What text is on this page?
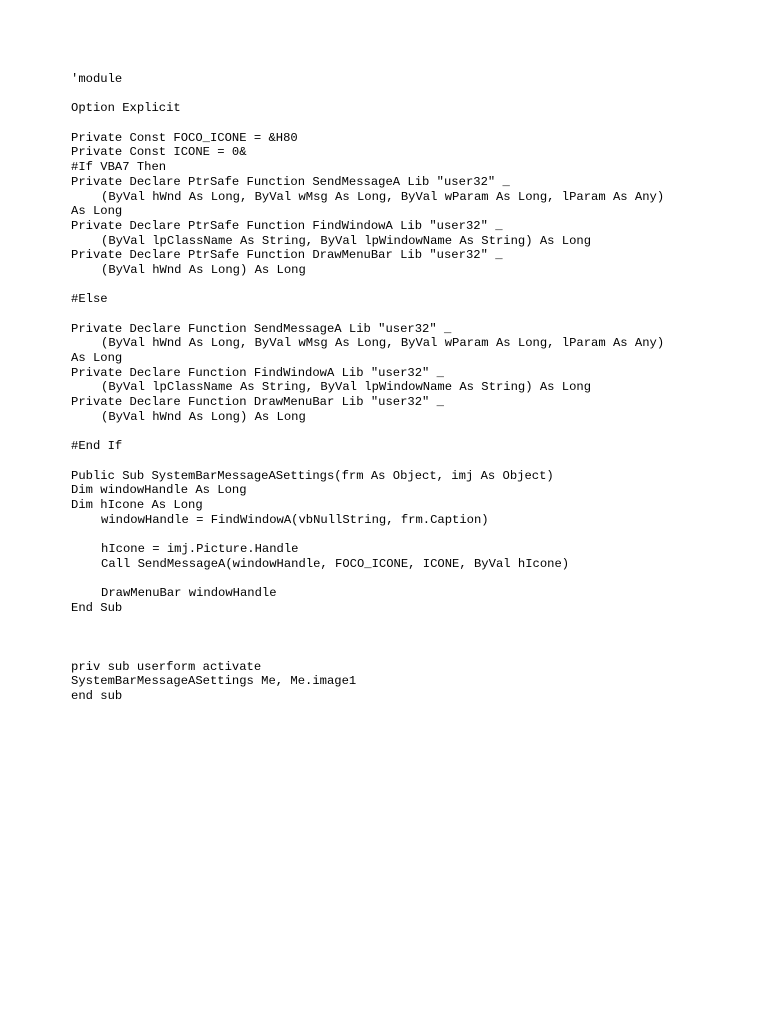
'module
Option Explicit
Private Const FOCO_ICONE = &H80
Private Const ICONE = 0&
#If VBA7 Then
Private Declare PtrSafe Function SendMessageA Lib "user32" _
(ByVal hWnd As Long, ByVal wMsg As Long, ByVal wParam As Long, lParam As Any)
As Long
Private Declare PtrSafe Function FindWindowA Lib "user32" _
(ByVal lpClassName As String, ByVal lpWindowName As String) As Long
Private Declare PtrSafe Function DrawMenuBar Lib "user32" _
(ByVal hWnd As Long) As Long
#Else
Private Declare Function SendMessageA Lib "user32" _
(ByVal hWnd As Long, ByVal wMsg As Long, ByVal wParam As Long, lParam As Any)
As Long
Private Declare Function FindWindowA Lib "user32" _
(ByVal lpClassName As String, ByVal lpWindowName As String) As Long
Private Declare Function DrawMenuBar Lib "user32" _
(ByVal hWnd As Long) As Long
#End If
Public Sub SystemBarMessageASettings(frm As Object, imj As Object)
Dim windowHandle As Long
Dim hIcone As Long
windowHandle = FindWindowA(vbNullString, frm.Caption)
hIcone = imj.Picture.Handle
Call SendMessageA(windowHandle, FOCO_ICONE, ICONE, ByVal hIcone)
DrawMenuBar windowHandle
End Sub
priv sub userform activate
SystemBarMessageASettings Me, Me.image1
end sub
